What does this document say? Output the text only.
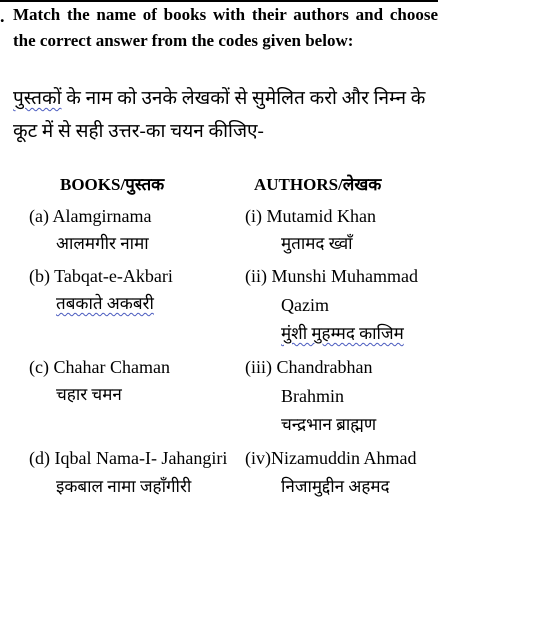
. Match the name of books with their authors and choose the correct answer from the codes given below:
पुस्तकों के नाम को उनके लेखकों से सुमेलित करो और निम्न के कूट में से सही उत्तर-का चयन कीजिए-
BOOKS/पुस्तक	AUTHORS/लेखक
(a) Alamgirnama
आलमगीर नामा
(b) Tabqat-e-Akbari
तबकाते अकबरी
(c) Chahar Chaman
चहार चमन
(d) Iqbal Nama-I- Jahangiri
इकबाल नामा जहाँगीरी
(i) Mutamid Khan
मुतामद ख्वाँ
(ii) Munshi Muhammad
Qazim
मुंशी मुहम्मद काजिम
(iii) Chandrabhan
Brahmin
चन्द्रभान ब्राह्मण
(iv)Nizamuddin Ahmad
निजामुद्दीन अहमद
